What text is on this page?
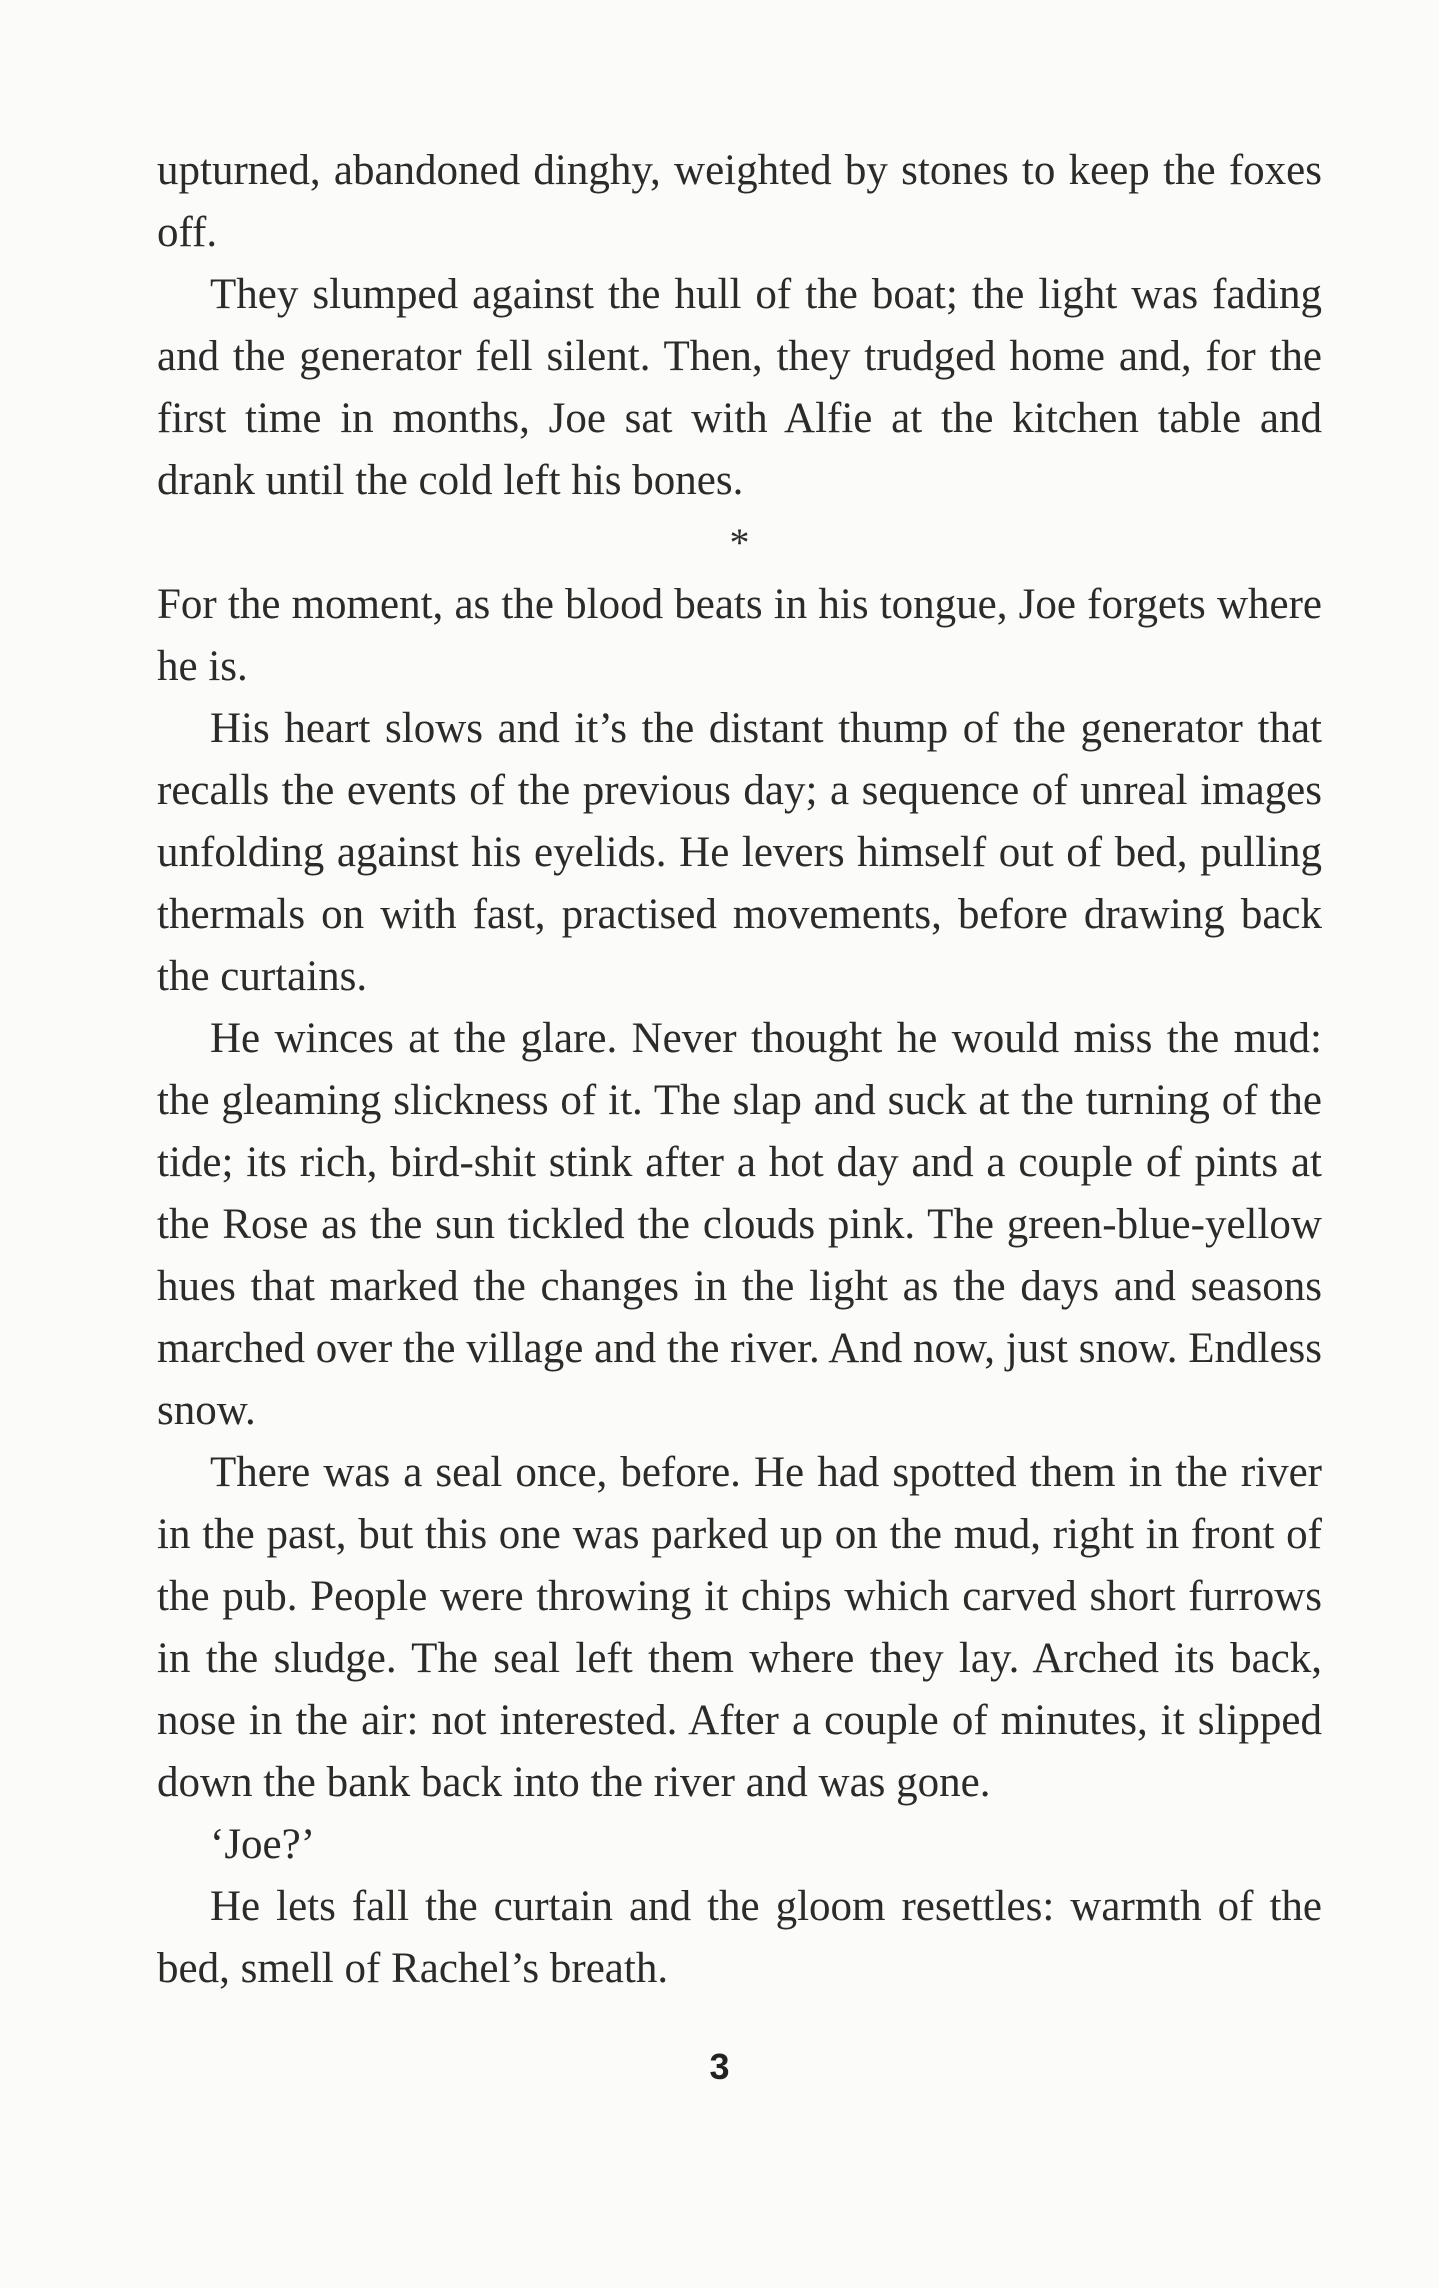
upturned, abandoned dinghy, weighted by stones to keep the foxes off.

They slumped against the hull of the boat; the light was fading and the generator fell silent. Then, they trudged home and, for the first time in months, Joe sat with Alfie at the kitchen table and drank until the cold left his bones.

*

For the moment, as the blood beats in his tongue, Joe forgets where he is.

His heart slows and it’s the distant thump of the generator that recalls the events of the previous day; a sequence of unreal images unfolding against his eyelids. He levers himself out of bed, pulling thermals on with fast, practised movements, before drawing back the curtains.

He winces at the glare. Never thought he would miss the mud: the gleaming slickness of it. The slap and suck at the turning of the tide; its rich, bird-shit stink after a hot day and a couple of pints at the Rose as the sun tickled the clouds pink. The green-blue-yellow hues that marked the changes in the light as the days and seasons marched over the village and the river. And now, just snow. Endless snow.

There was a seal once, before. He had spotted them in the river in the past, but this one was parked up on the mud, right in front of the pub. People were throwing it chips which carved short furrows in the sludge. The seal left them where they lay. Arched its back, nose in the air: not interested. After a couple of minutes, it slipped down the bank back into the river and was gone.

‘Joe?’

He lets fall the curtain and the gloom resettles: warmth of the bed, smell of Rachel’s breath.

3
